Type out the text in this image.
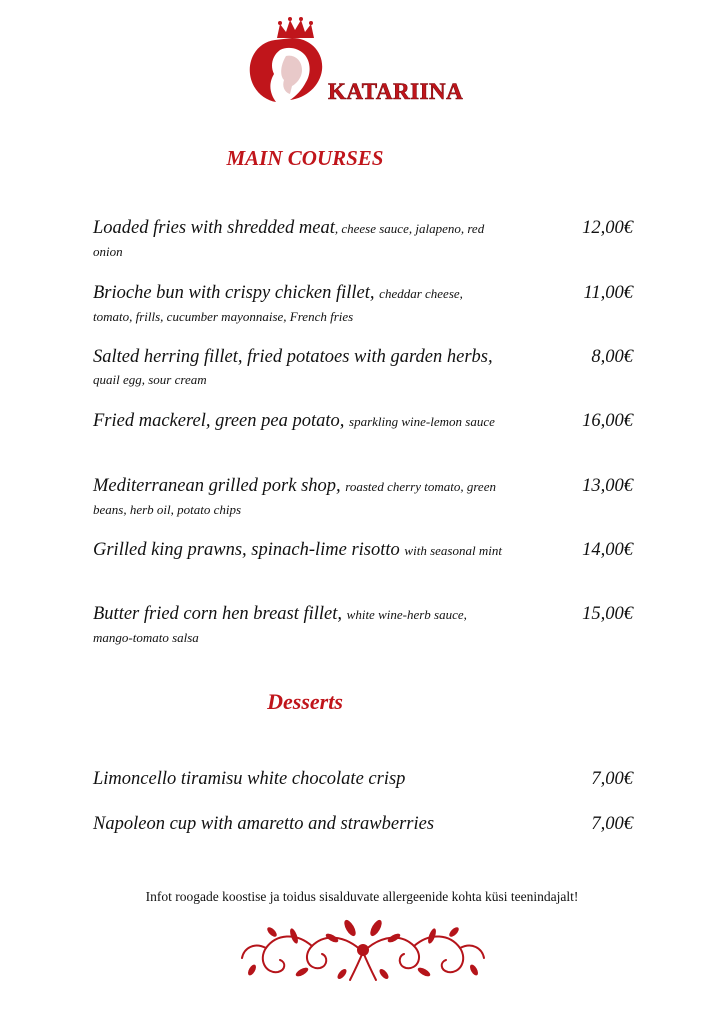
KATARIINA
MAIN COURSES
Loaded fries with shredded meat, cheese sauce, jalapeno, red onion
12,00€
Brioche bun with crispy chicken fillet, cheddar cheese, tomato, frills, cucumber mayonnaise, French fries
11,00€
Salted herring fillet, fried potatoes with garden herbs, quail egg, sour cream
8,00€
Fried mackerel, green pea potato, sparkling wine-lemon sauce	16,00€
Mediterranean grilled pork shop, roasted cherry tomato, green beans, herb oil, potato chips
13,00€
Grilled king prawns, spinach-lime risotto with seasonal mint	14,00€
Butter fried corn hen breast fillet, white wine-herb sauce, mango-tomato salsa
15,00€
Desserts
Limoncello tiramisu white chocolate crisp	7,00€
Napoleon cup with amaretto and strawberries	7,00€
Infot roogade koostise ja toidus sisalduvate allergeenide kohta küsi teenindajalt!
